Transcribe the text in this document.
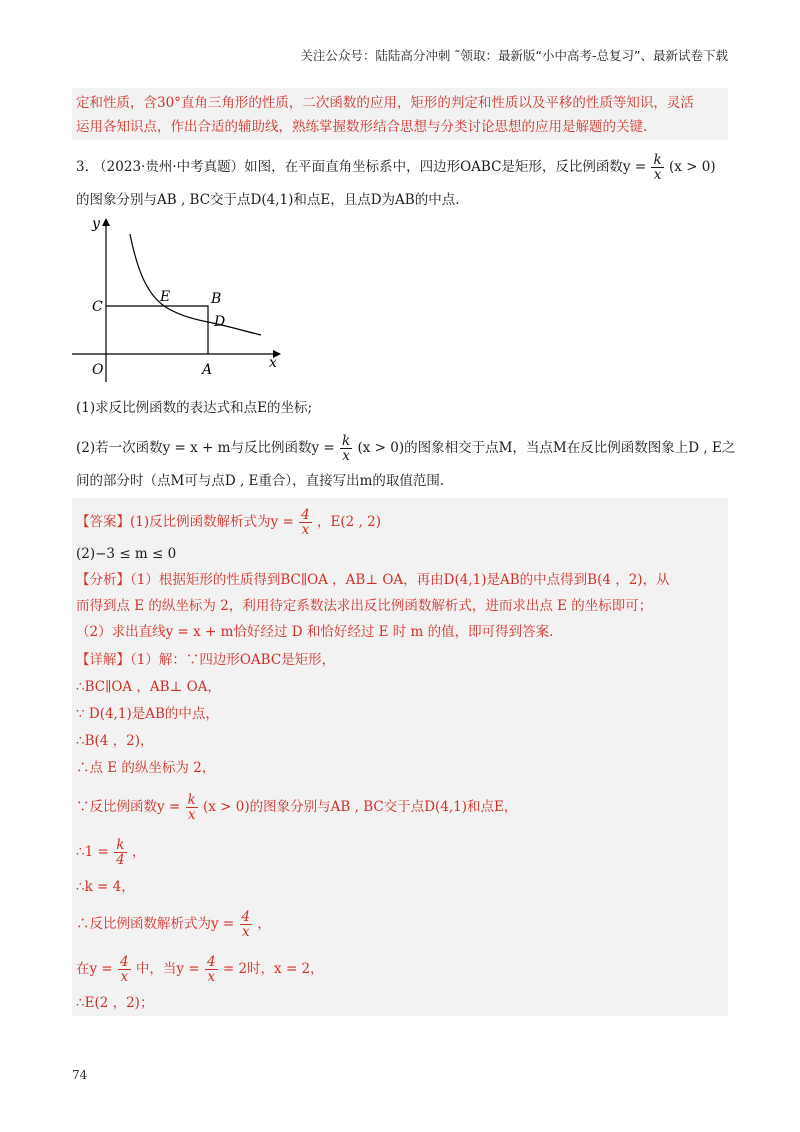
关注公众号：陆陆高分冲刺 ˜领取：最新版“小中高考-总复习”、最新试卷下载
定和性质，含30°直角三角形的性质，二次函数的应用，矩形的判定和性质以及平移的性质等知识，灵活
运用各知识点，作出合适的辅助线，熟练掌握数形结合思想与分类讨论思想的应用是解题的关键.
3. （2023·贵州·中考真题）如图，在平面直角坐标系中，四边形OABC是矩形，反比例函数$y = \frac{k}{x} (x > 0)$
的图象分别与AB , BC交于点D(4,1)和点E，且点D为AB的中点.
y
x
O	A
B
C
D
E
(1)求反比例函数的表达式和点E的坐标;
(2)若一次函数y = x + m与反比例函数$y = \frac{k}{x} (x > 0)$的图象相交于点M，当点M在反比例函数图象上D , E之
间的部分时（点M可与点D , E重合），直接写出m的取值范围.
【答案】(1)反比例函数解析式为$y = \frac{4}{x}$ ，E(2 , 2)
(2)−3 ≤ m ≤ 0
【分析】（1）根据矩形的性质得到BC∥OA ，AB⊥ OA，再由D(4,1)是AB的中点得到B(4 ，2)，从
而得到点 E 的纵坐标为 2，利用待定系数法求出反比例函数解析式，进而求出点 E 的坐标即可；
（2）求出直线y = x + m恰好经过 D 和恰好经过 E 时 m 的值，即可得到答案.
【详解】（1）解：∵四边形OABC是矩形，
∴BC∥OA ，AB⊥ OA，
∵ D(4,1)是AB的中点，
∴B(4 ，2)，
∴点 E 的纵坐标为 2，
∵反比例函数$y = \frac{k}{x} (x > 0)$的图象分别与AB , BC交于点D(4,1)和点E，
∴1 = $\frac{k}{4}$ ，
∴k = 4，
∴反比例函数解析式为$y = \frac{4}{x}$ ，
在$y = \frac{4}{x}$ 中，当$y = \frac{4}{x} = 2$时，x = 2，
∴E(2 ，2)；
74
